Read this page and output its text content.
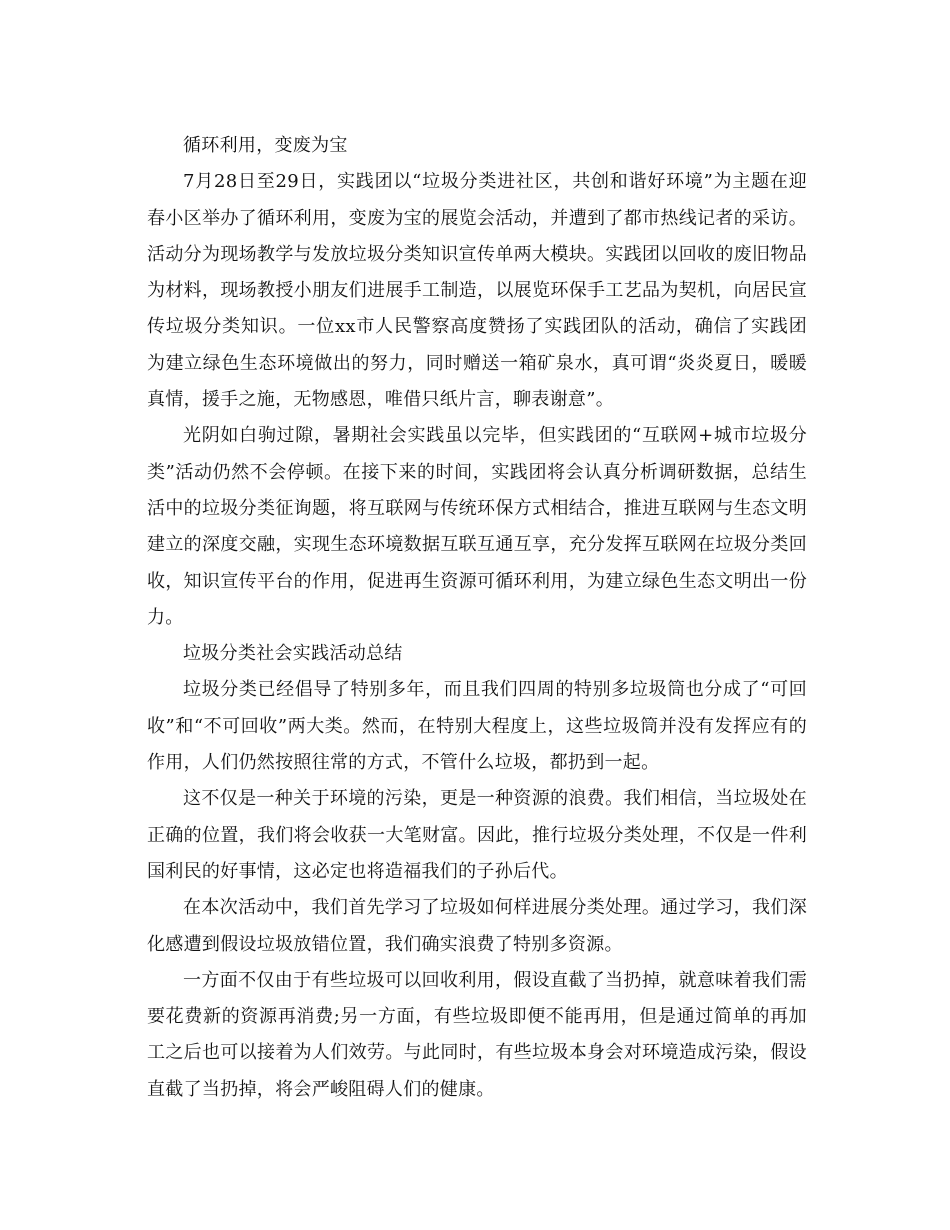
循环利用，变废为宝

7月28日至29日，实践团以“垃圾分类进社区，共创和谐好环境”为主题在迎春小区举办了循环利用，变废为宝的展览会活动，并遭到了都市热线记者的采访。活动分为现场教学与发放垃圾分类知识宣传单两大模块。实践团以回收的废旧物品为材料，现场教授小朋友们进展手工制造，以展览环保手工艺品为契机，向居民宣传垃圾分类知识。一位xx市人民警察高度赞扬了实践团队的活动，确信了实践团为建立绿色生态环境做出的努力，同时赠送一箱矿泉水，真可谓“炎炎夏日，暖暖真情，援手之施，无物感恩，唯借只纸片言，聊表谢意”。

光阴如白驹过隙，暑期社会实践虽以完毕，但实践团的“互联网+城市垃圾分类”活动仍然不会停顿。在接下来的时间，实践团将会认真分析调研数据，总结生活中的垃圾分类征询题，将互联网与传统环保方式相结合，推进互联网与生态文明建立的深度交融，实现生态环境数据互联互通互享，充分发挥互联网在垃圾分类回收，知识宣传平台的作用，促进再生资源可循环利用，为建立绿色生态文明出一份力。

垃圾分类社会实践活动总结

垃圾分类已经倡导了特别多年，而且我们四周的特别多垃圾筒也分成了“可回收”和“不可回收”两大类。然而，在特别大程度上，这些垃圾筒并没有发挥应有的作用，人们仍然按照往常的方式，不管什么垃圾，都扔到一起。

这不仅是一种关于环境的污染，更是一种资源的浪费。我们相信，当垃圾处在正确的位置，我们将会收获一大笔财富。因此，推行垃圾分类处理，不仅是一件利国利民的好事情，这必定也将造福我们的子孙后代。

在本次活动中，我们首先学习了垃圾如何样进展分类处理。通过学习，我们深化感遭到假设垃圾放错位置，我们确实浪费了特别多资源。

一方面不仅由于有些垃圾可以回收利用，假设直截了当扔掉，就意味着我们需要花费新的资源再消费;另一方面，有些垃圾即便不能再用，但是通过简单的再加工之后也可以接着为人们效劳。与此同时，有些垃圾本身会对环境造成污染，假设直截了当扔掉，将会严峻阻碍人们的健康。
